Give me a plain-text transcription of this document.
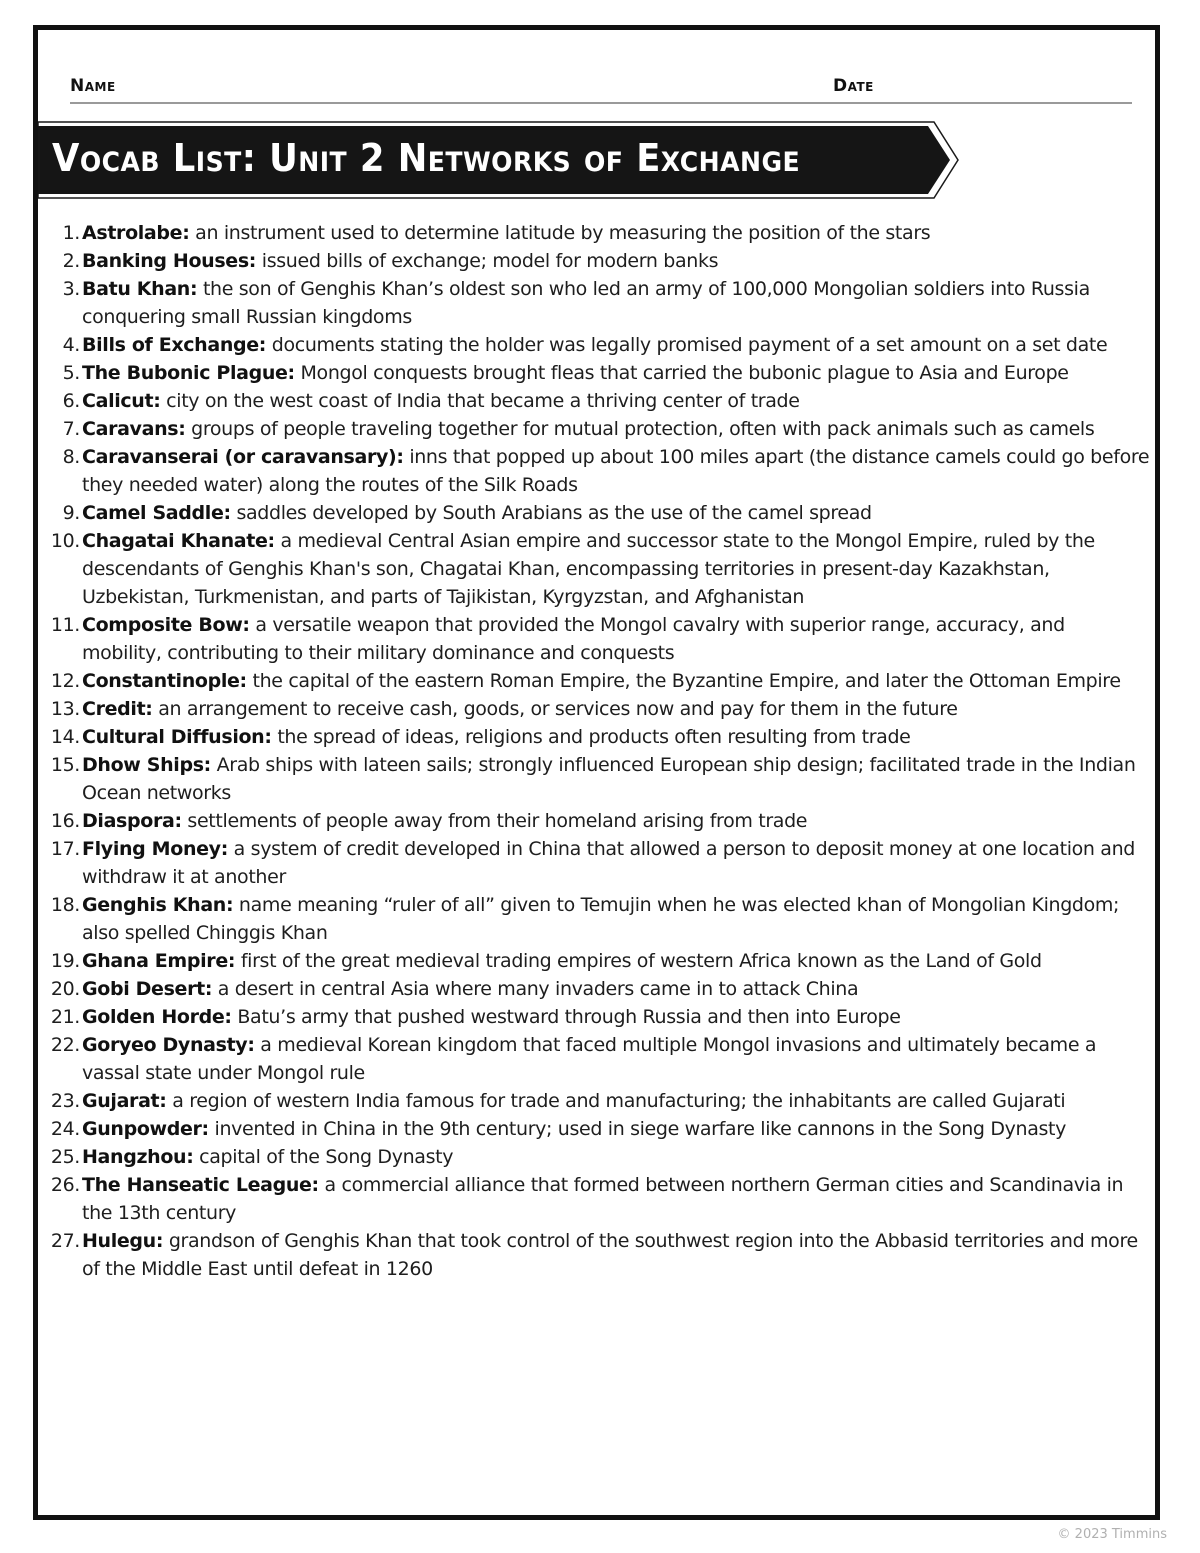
Name	Date
Vocab List: Unit 2 Networks of Exchange
1. Astrolabe: an instrument used to determine latitude by measuring the position of the stars
2. Banking Houses: issued bills of exchange; model for modern banks
3. Batu Khan: the son of Genghis Khan’s oldest son who led an army of 100,000 Mongolian soldiers into Russia conquering small Russian kingdoms
4. Bills of Exchange: documents stating the holder was legally promised payment of a set amount on a set date
5. The Bubonic Plague: Mongol conquests brought fleas that carried the bubonic plague to Asia and Europe
6. Calicut: city on the west coast of India that became a thriving center of trade
7. Caravans: groups of people traveling together for mutual protection, often with pack animals such as camels
8. Caravanserai (or caravansary): inns that popped up about 100 miles apart (the distance camels could go before they needed water) along the routes of the Silk Roads
9. Camel Saddle: saddles developed by South Arabians as the use of the camel spread
10. Chagatai Khanate: a medieval Central Asian empire and successor state to the Mongol Empire, ruled by the descendants of Genghis Khan's son, Chagatai Khan, encompassing territories in present-day Kazakhstan, Uzbekistan, Turkmenistan, and parts of Tajikistan, Kyrgyzstan, and Afghanistan
11. Composite Bow: a versatile weapon that provided the Mongol cavalry with superior range, accuracy, and mobility, contributing to their military dominance and conquests
12. Constantinople: the capital of the eastern Roman Empire, the Byzantine Empire, and later the Ottoman Empire
13. Credit: an arrangement to receive cash, goods, or services now and pay for them in the future
14. Cultural Diffusion: the spread of ideas, religions and products often resulting from trade
15. Dhow Ships: Arab ships with lateen sails; strongly influenced European ship design; facilitated trade in the Indian Ocean networks
16. Diaspora: settlements of people away from their homeland arising from trade
17. Flying Money: a system of credit developed in China that allowed a person to deposit money at one location and withdraw it at another
18. Genghis Khan: name meaning “ruler of all” given to Temujin when he was elected khan of Mongolian Kingdom; also spelled Chinggis Khan
19. Ghana Empire: first of the great medieval trading empires of western Africa known as the Land of Gold
20. Gobi Desert: a desert in central Asia where many invaders came in to attack China
21. Golden Horde: Batu’s army that pushed westward through Russia and then into Europe
22. Goryeo Dynasty: a medieval Korean kingdom that faced multiple Mongol invasions and ultimately became a vassal state under Mongol rule
23. Gujarat: a region of western India famous for trade and manufacturing; the inhabitants are called Gujarati
24. Gunpowder: invented in China in the 9th century; used in siege warfare like cannons in the Song Dynasty
25. Hangzhou: capital of the Song Dynasty
26. The Hanseatic League: a commercial alliance that formed between northern German cities and Scandinavia in the 13th century
27. Hulegu: grandson of Genghis Khan that took control of the southwest region into the Abbasid territories and more of the Middle East until defeat in 1260
© 2023 Timmins
